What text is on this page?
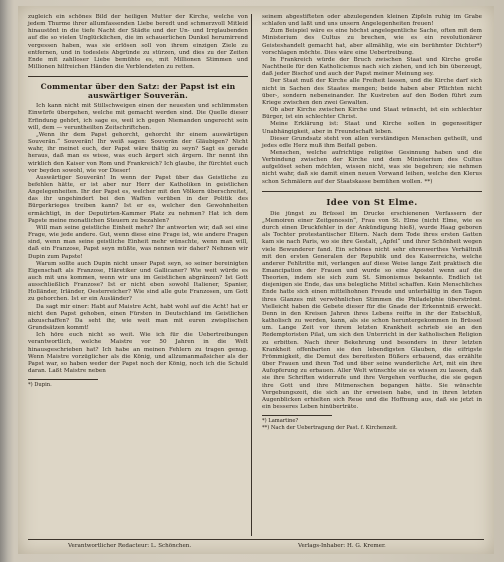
zugleich ein schönes Bild der heiligen Mutter der Kirche, welche von jedem Thurme ihrer allumfassenden Liebe beredt und schmerzvoll Mitleid hinaustönt in die tiefe Nacht der Städte und der Un- und Irrglaubenden auf die so vielen Unglücklichen, die im schauerlichen Dunkel herumirrend vergessen haben, was sie erlösen soll von ihrem einzigen Ziele zu entfernen, und in todesleis Abgründe zu stürzen, und dies zu der Zeiten Ende mit zahlloser Liebe bemühte es, mit Millionen Stimmen und Millionen hilfreichen Händen die Verblendeten zu retten.

Commentar über den Satz: der Papst ist ein auswärtiger Souverän.

Ich kann nicht mit Stillschweigen einen der neuesten und schlimmsten Einwürfe übergehen, welche mit gemacht werden sind. Die Quelle dieser Erfindung gehört, ich sage es, weil ich gegen Niemanden ungerecht sein will, dem — veruntheilten Zeitschriftchen.

„Wenn ihr dem Papst gehorcht, gehorcht ihr einem auswärtigen Souverän.“ Souverän! Ihr weiß sagen: Souverän der Gläubigen? Nicht wahr, ihr meinet euch, der Papst wäre thätig zu seyn? Sagt es gerade heraus, daß man es wisse, was euch ärgert sich ärgern. Ihr nennt ihn wirklich den Kaiser von Rom und Frankreich? Ich glaube, ihr fürchtet euch vor beyden sowohl, wie vor Dieser!

Auswärtiger Souverän! In wenn der Papst über das Geistliche zu befehlen hätte, er ist aber nur Herr der Katholiken in geistlichen Angelegenheiten. Ihr der Papst es, welcher mit den Völkern überschreitet, das ihr ungehindert bei den Waffen verüben in der Politik des Bürgerkrieges treiben kann? Ist er es, welcher den Gewohnheiten ermächtigt, in der Deputirten-Kammer Platz zu nehmen? Hat ich dem Papste meine monatlichen Steuern zu bezahlen?

Will man seine geistliche Einheit mehr? Ihr antworten wir, daß sei eine Frage, wie jede andere. Gut, wenn diese eine Frage ist, wie andere Fragen sind, wenn man seine geistliche Einheit mehr wünschte, wenn man will, daß ein Franzose, Papst seyn müßte, was nennen wir daher? Nehmen wir Dupin zum Papste!

Warum sollte auch Dupin nicht unser Papst seyn, so seiner bereinigten Eigenschaft als Franzose, Häretiker und Gallicaner? Wie weit würde es auch mit uns kommen, wenn wir uns im Geistlichen abgränzen? Ist Gott ausschließlich Franzose? Ist er nicht eben sowohl Italiener, Spanier, Holländer, Irländer, Oesterreicher? Wie sind alle gute Franzosen, um Gott zu gehorchen. Ist er ein Ausländer?

Da sagt mir einer: Habt auf Maistre Acht, habt wohl auf die Acht! hat er nicht den Papst gehoben, einen Fürsten in Deutschland im Geistlichen abzuschaffen? Da seht ihr, wie weit man mit euren zwisplischen Grundsätzen kommt!

Ich höre euch nicht so weit. Wie ich für die Uebertreibungen verantwortlich, welche Maistre vor 50 Jahren in die Welt hinausgeschrieben hat? Ich habe an meinen Fehlern zu tragen genug. Wenn Maistre vorzüglicher als die König, und allzumanmaßsicher als der Papst war, so haben weder der Papst noch der König, noch ich die Schuld daran. Laßt Maistre neben

*) Dupin.

seinem abgestifteten oder abzulegenden kleinen Zipfeln ruhig im Grabe schlafen und laßt und uns unsern Angelegenheiten freuen!

Zum Beispiel wäre es eine höchst angelegentliche Sache, often mit dem Ministerium des Cultus zu brechen, wie es ein revolutionärer Geisteshandelt gemacht hat, aber allmählig, wie ein berühmter Dichter*) vorschlagen möchte. Dies wäre eine Uebertreibung.

In Frankreich würde der Bruch zwischen Staat und Kirche große Nachtheile für den Katholicismus nach sich ziehen, und ich bin überzeugt, daß jeder Bischof und auch der Papst meiner Meinung sey.

Der Staat muß der Kirche alle Freiheit lassen, und die Kirche darf sich nicht in Sachen des Staates mengen; beide haben aber Pflichten nicht über-, sondern nebeneinander. Ihr Kustreten auf den Boden führt zum Kriege zwischen den zwei Gewalten.

Ob aber Kirche zwischen Kirche und Staat wünscht, ist ein schlechter Bürger, ist ein schlechter Christ.

Meine Erklärung ist: Staat und Kirche sollen in gegenseitiger Unabhängigkeit, aber in Freundschaft leben.

Dieser Grundsatz steht von allen verständigen Menschen getheilt, und jedes edle Herz muß ihm Beifall geben.

Menschen, welche aufrichtige religiöse Gesinnung haben und die Verbindung zwischen der Kirche und dem Ministerium des Cultus aufgelöset sehen möchten, wissen nicht, was sie begehren; sie nehmen nicht wahr, daß sie damit einen neuen Vorwand leihen, welche den Klerus schon Schmälern auf der Staatskasse bemühen wollen. **)

Idee von St Elme.

Die jüngst zu Brüssel im Drucke erschienenen Verfassern der „Memoiren einer Zeitgenossin“, Frau von St. Elme (nicht Elme, wie es durch einen Druckfehler in der Ankündigung hieß), wurde Haag geboren als Tochter protestantischer Eltern. Nach dem Tode ihres ersten Gatten kam sie nach Paris, wo sie ihre Gestalt, „Apfel“ und ihrer Schönheit wegen viele Bewunderer fand. Ein schönes nicht sehr ehrenwerthes Verhältniß mit den ersten Generalen der Republik und des Kaiserreichs, welche anderer Fehltritte mit, verlangen auf diese Weise lange Zeit praktisch die Emancipation der Frauen und wurde so eine Apostel wenn auf die Theorien, indem sie sich zum St. Simonismus bekannte. Endlich ist diejenigen sie Ende, das uns belegliche Mittel schaffen. Kein Menschliches Ende hatte sich einen mittelhohnen Freude und unterhältig in den Tagen ihres Glanzes mit verwöhnlichen Stimmen die Philadelphie überströmt. Vielleicht haben die Gebete dieser für die Gnade der Erkenntniß erweckt. Denn in den Kreisen Jahren ihres Lebens reifte in ihr der Entschluß, katholisch zu werden, kann, als sie schon heruntergekommen in Brüssel um. Lange Zeit vor ihrem letzten Krankheit schrieb sie an den Redemptoristen Pilat, um sich den Unterricht in der katholischen Religion zu erbitten. Nach ihrer Bekehrung und besonders in ihrer letzten Krankheit offenbarten sie den lebendigsten Glauben, die eifrigste Frömmigkeit, die Demut des bereitesten Büßers erbauend, das erzählte über Frauen und ihren Tod und über seine wunderliche Art, mit ein ihre Aufopferung zu erbauen. Aller Welt wünschte sie es wissen zu lassen, daß sie ihre Schriften widerrufe und ihre Vergehen verfluche, die sie gegen ihre Gott und ihre Mitmenschen begangen hätte. Sie wünschte Vergebungszeit, die sich an ihr erweisen habe, und in ihren letzten Augenblicken erhielten sich Reue und die Hoffnung aus, daß sie jetzt in ein besseres Leben hinüberträte.

*) Lamartine?

**) Nach der Uebertragung der Past. f. Kirchenzeit.

Verantwortlicher Redacteur: L. Schönchen.	Verlags-Inhaber: H. G. Kremer.
